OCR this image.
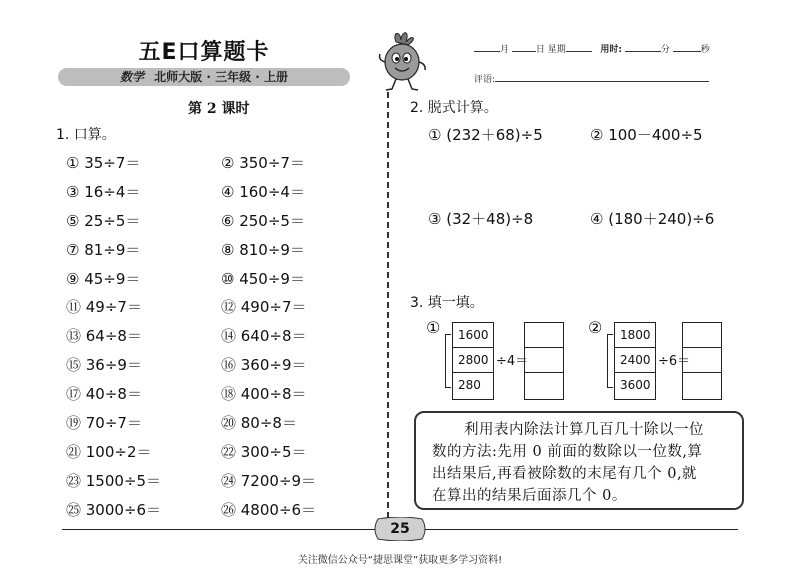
五E口算题卡
数学 北师大版 · 三年级 · 上册
月	日 星期	用时:	分	秒
评语:
第 2 课时
1. 口算。
① 35÷7＝	② 350÷7＝
③ 16÷4＝	④ 160÷4＝
⑤ 25÷5＝	⑥ 250÷5＝
⑦ 81÷9＝	⑧ 810÷9＝
⑨ 45÷9＝	⑩ 450÷9＝
⑪ 49÷7＝	⑫ 490÷7＝
⑬ 64÷8＝	⑭ 640÷8＝
⑮ 36÷9＝	⑯ 360÷9＝
⑰ 40÷8＝	⑱ 400÷8＝
⑲ 70÷7＝	⑳ 80÷8＝
㉑ 100÷2＝	㉒ 300÷5＝
㉓ 1500÷5＝	㉔ 7200÷9＝
㉕ 3000÷6＝	㉖ 4800÷6＝
2. 脱式计算。
① (232＋68)÷5	② 100－400÷5
③ (32＋48)÷8	④ (180＋240)÷6
3. 填一填。
①	1600
2800
280
÷4＝
②	1800
2400
3600
÷6＝
利用表内除法计算几百几十除以一位
数的方法:先用 0 前面的数除以一位数,算
出结果后,再看被除数的末尾有几个 0,就
在算出的结果后面添几个 0。
25
关注微信公众号“捷思课堂”获取更多学习资料!
